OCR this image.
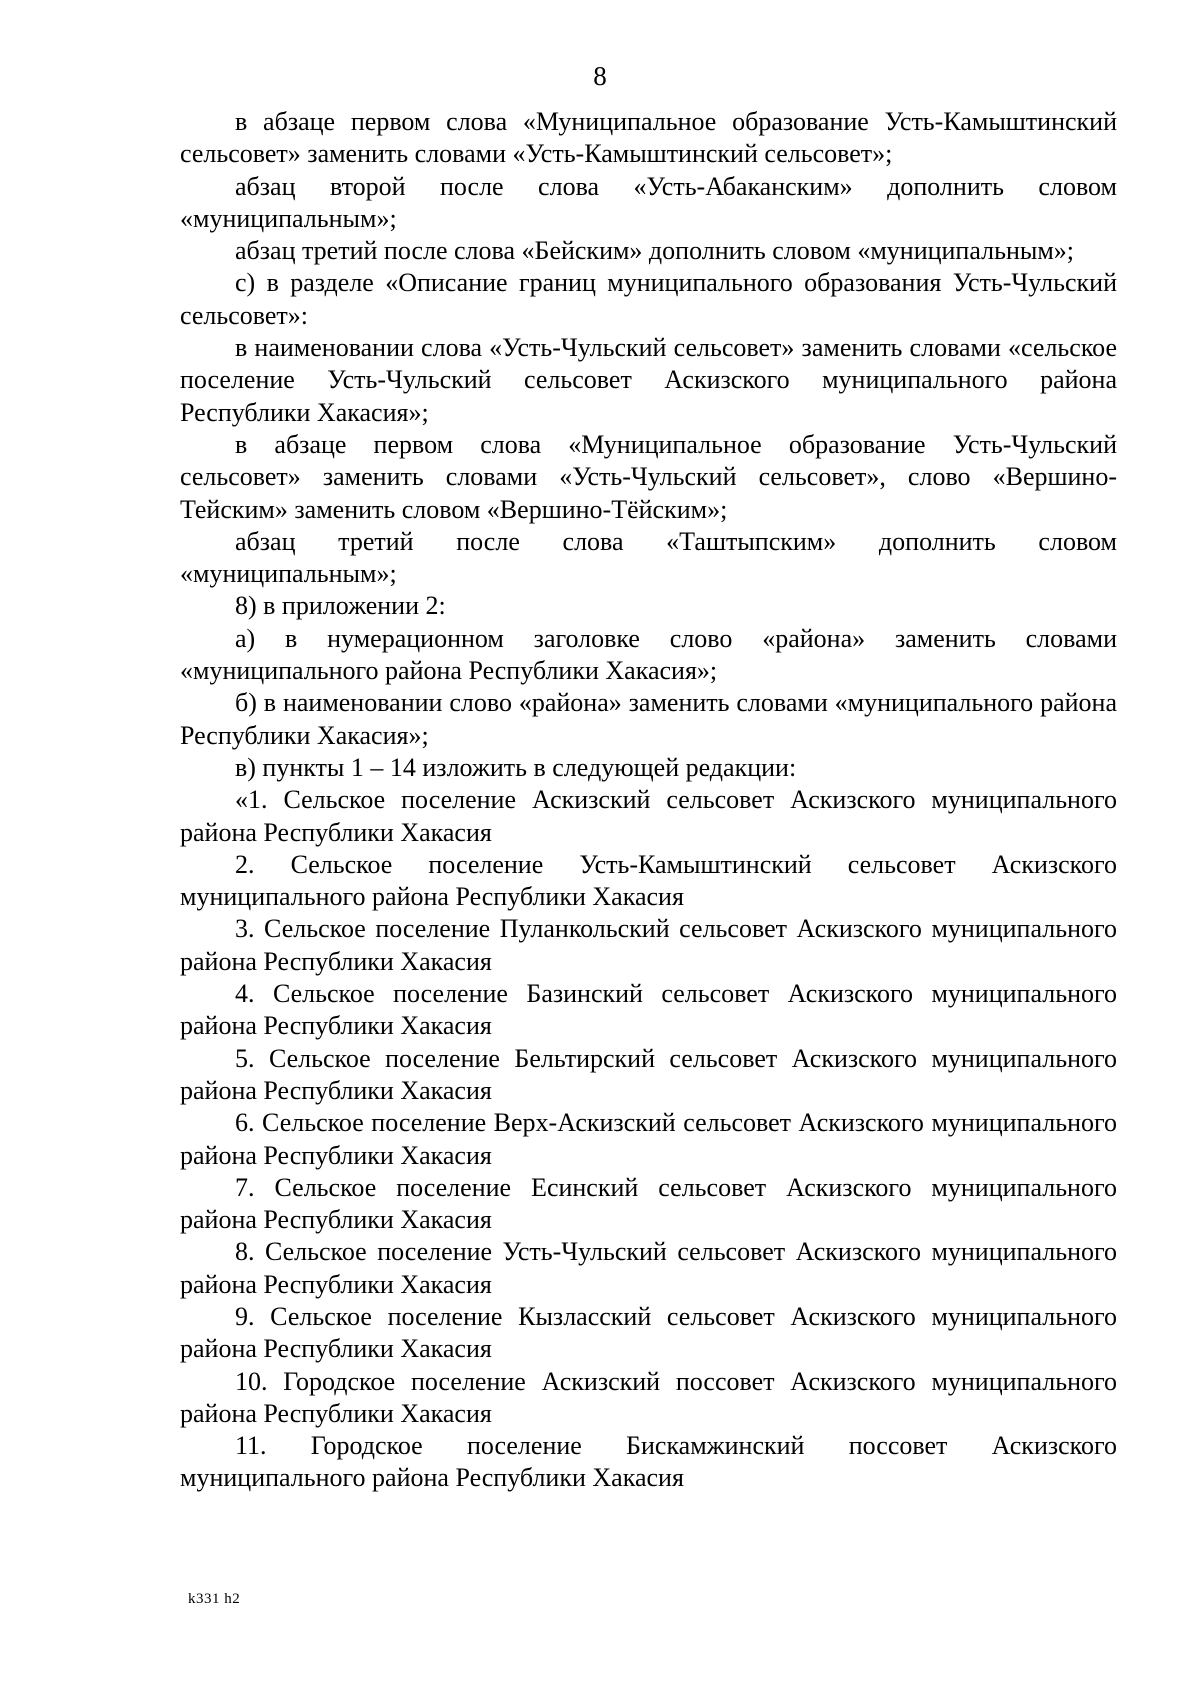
8

в абзаце первом слова «Муниципальное образование Усть-Камыштинский сельсовет» заменить словами «Усть-Камыштинский сельсовет»;

абзац второй после слова «Усть-Абаканским» дополнить словом «муниципальным»;

абзац третий после слова «Бейским» дополнить словом «муниципальным»;

с) в разделе «Описание границ муниципального образования Усть-Чульский сельсовет»:

в наименовании слова «Усть-Чульский сельсовет» заменить словами «сельское поселение Усть-Чульский сельсовет Аскизского муниципального района Республики Хакасия»;

в абзаце первом слова «Муниципальное образование Усть-Чульский сельсовет» заменить словами «Усть-Чульский сельсовет», слово «Вершино-Тейским» заменить словом «Вершино-Тёйским»;

абзац третий после слова «Таштыпским» дополнить словом «муниципальным»;

8) в приложении 2:

а) в нумерационном заголовке слово «района» заменить словами «муниципального района Республики Хакасия»;

б) в наименовании слово «района» заменить словами «муниципального района Республики Хакасия»;

в) пункты 1 – 14 изложить в следующей редакции:

«1. Сельское поселение Аскизский сельсовет Аскизского муниципального района Республики Хакасия

2. Сельское поселение Усть-Камыштинский сельсовет Аскизского муниципального района Республики Хакасия

3. Сельское поселение Пуланкольский сельсовет Аскизского муниципального района Республики Хакасия

4. Сельское поселение Базинский сельсовет Аскизского муниципального района Республики Хакасия

5. Сельское поселение Бельтирский сельсовет Аскизского муниципального района Республики Хакасия

6. Сельское поселение Верх-Аскизский сельсовет Аскизского муниципального района Республики Хакасия

7. Сельское поселение Есинский сельсовет Аскизского муниципального района Республики Хакасия

8. Сельское поселение Усть-Чульский сельсовет Аскизского муниципального района Республики Хакасия

9. Сельское поселение Кызласский сельсовет Аскизского муниципального района Республики Хакасия

10. Городское поселение Аскизский поссовет Аскизского муниципального района Республики Хакасия

11. Городское поселение Бискамжинский поссовет Аскизского муниципального района Республики Хакасия

k331 h2
